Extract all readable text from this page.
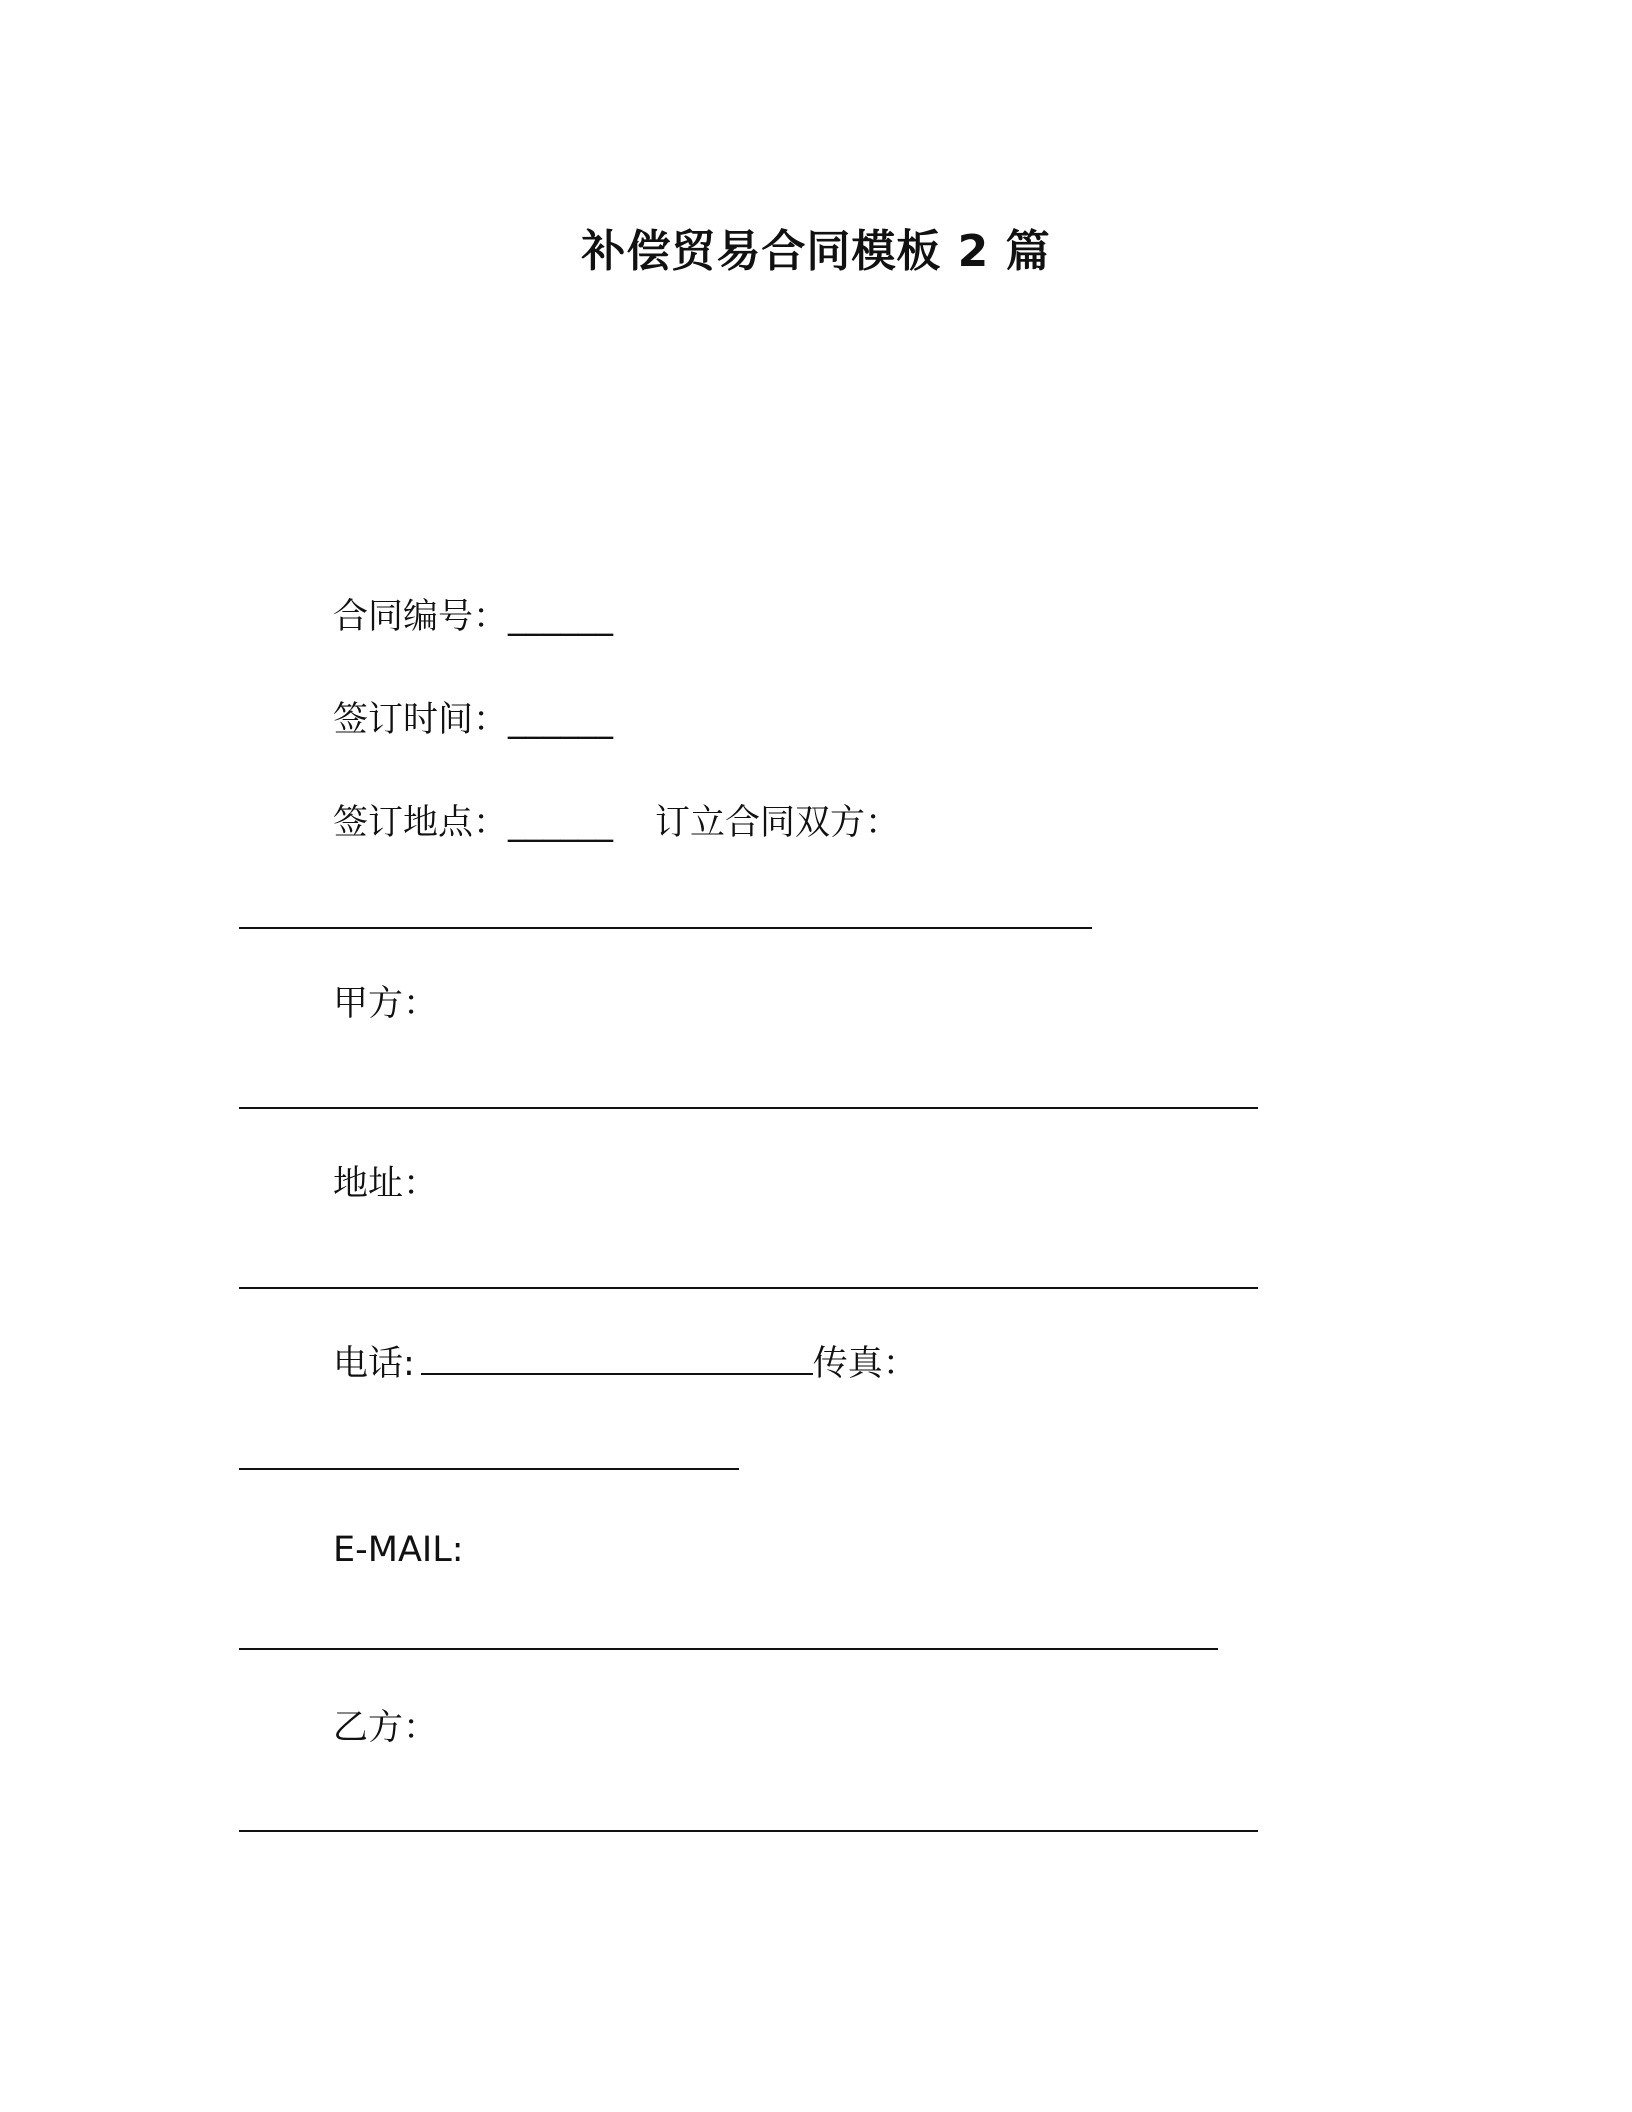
补偿贸易合同模板 2 篇
合同编号：______
签订时间：______
签订地点：______ 订立合同双方：
甲方：
地址：
电话:	传真：
E-MAIL:
乙方：
